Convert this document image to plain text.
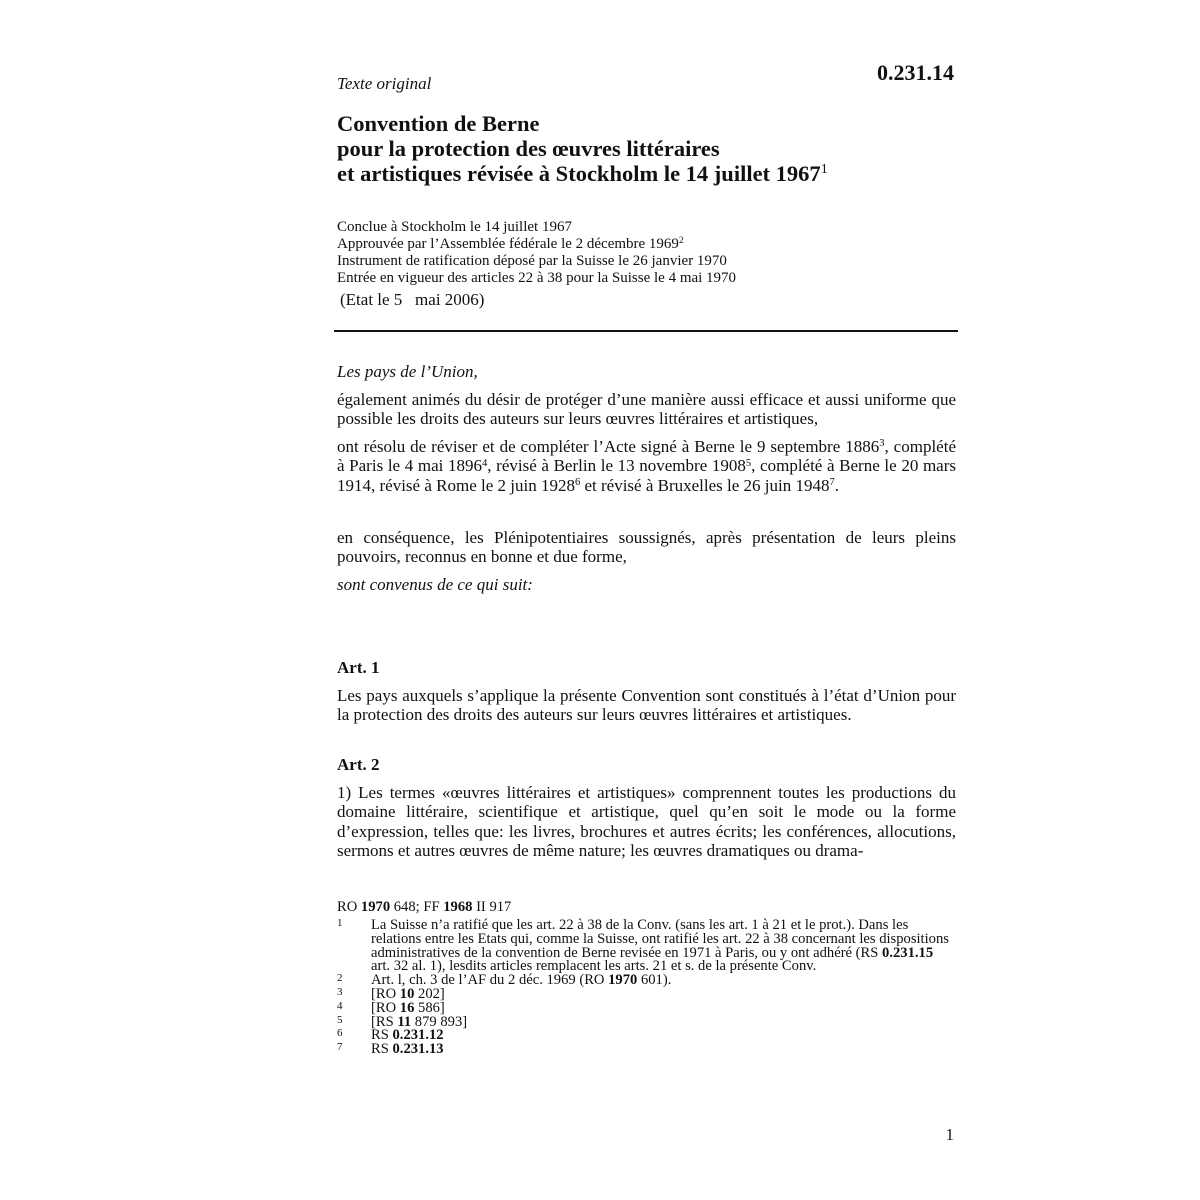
Texte original	0.231.14
Convention de Berne
pour la protection des œuvres littéraires
et artistiques révisée à Stockholm le 14 juillet 1967$^1$
Conclue à Stockholm le 14 juillet 1967
Approuvée par l’Assemblée fédérale le 2 décembre 1969$^2$
Instrument de ratification déposé par la Suisse le 26 janvier 1970
Entrée en vigueur des articles 22 à 38 pour la Suisse le 4 mai 1970
(Etat le 5   mai 2006)
Les pays de l’Union,
également animés du désir de protéger d’une manière aussi efficace et aussi uniforme que possible les droits des auteurs sur leurs œuvres littéraires et artistiques,
ont résolu de réviser et de compléter l’Acte signé à Berne le 9 septembre 1886$^3$, complété à Paris le 4 mai 1896$^4$, révisé à Berlin le 13 novembre 1908$^5$, complété à Berne le 20 mars 1914, révisé à Rome le 2 juin 1928$^6$ et révisé à Bruxelles le 26 juin 1948$^7$.
en conséquence, les Plénipotentiaires soussignés, après présentation de leurs pleins pouvoirs, reconnus en bonne et due forme,
sont convenus de ce qui suit:
Art. 1
Les pays auxquels s’applique la présente Convention sont constitués à l’état d’Union pour la protection des droits des auteurs sur leurs œuvres littéraires et artistiques.
Art. 2
1) Les termes «œuvres littéraires et artistiques» comprennent toutes les productions du domaine littéraire, scientifique et artistique, quel qu’en soit le mode ou la forme d’expression, telles que: les livres, brochures et autres écrits; les conférences, allocutions, sermons et autres œuvres de même nature; les œuvres dramatiques ou drama-
RO 1970 648; FF 1968 II 917
1 La Suisse n’a ratifié que les art. 22 à 38 de la Conv. (sans les art. 1 à 21 et le prot.). Dans les relations entre les Etats qui, comme la Suisse, ont ratifié les art. 22 à 38 concernant les dispositions administratives de la convention de Berne revisée en 1971 à Paris, ou y ont adhéré (RS 0.231.15 art. 32 al. 1), lesdits articles remplacent les arts. 21 et s. de la présente Conv.
2 Art. l, ch. 3 de l’AF du 2 déc. 1969 (RO 1970 601).
3 [RO 10 202]
4 [RO 16 586]
5 [RS 11 879 893]
6 RS 0.231.12
7 RS 0.231.13
1
